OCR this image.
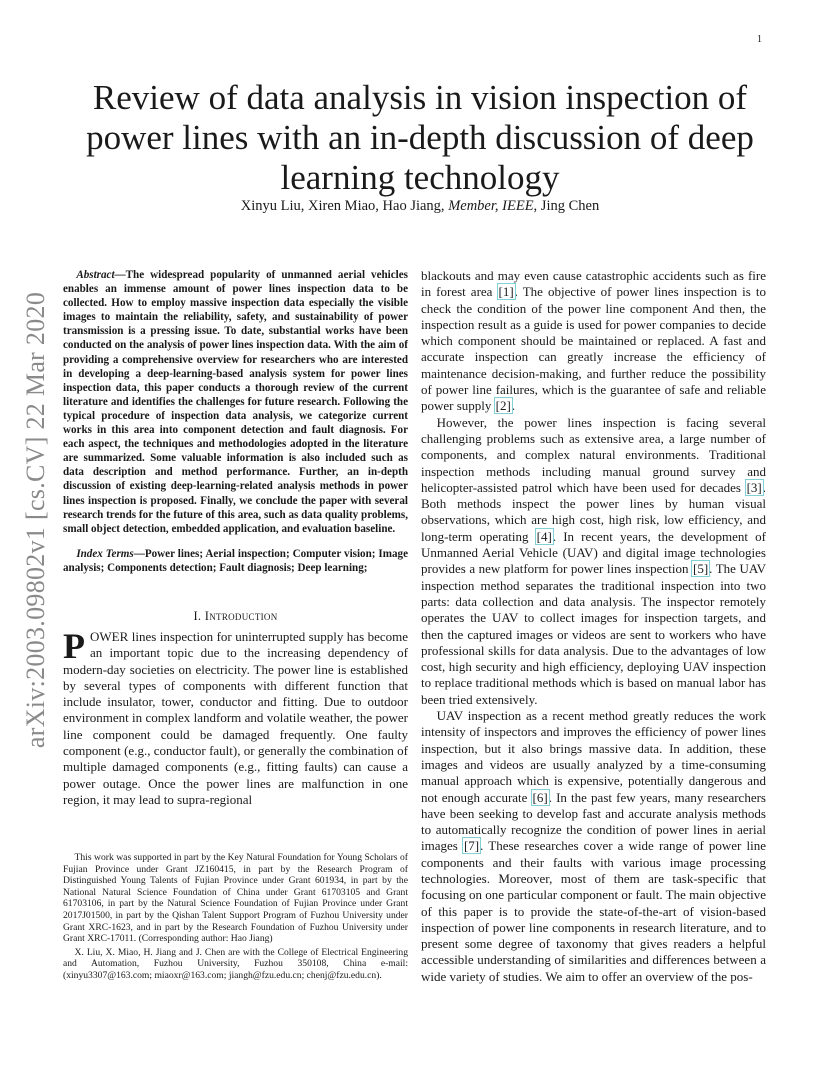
1
arXiv:2003.09802v1 [cs.CV] 22 Mar 2020
Review of data analysis in vision inspection of power lines with an in-depth discussion of deep learning technology
Xinyu Liu, Xiren Miao, Hao Jiang, Member, IEEE, Jing Chen

Abstract—The widespread popularity of unmanned aerial vehicles enables an immense amount of power lines inspection data to be collected. How to employ massive inspection data especially the visible images to maintain the reliability, safety, and sustainability of power transmission is a pressing issue. To date, substantial works have been conducted on the analysis of power lines inspection data. With the aim of providing a comprehensive overview for researchers who are interested in developing a deep-learning-based analysis system for power lines inspection data, this paper conducts a thorough review of the current literature and identifies the challenges for future research. Following the typical procedure of inspection data analysis, we categorize current works in this area into component detection and fault diagnosis. For each aspect, the techniques and methodologies adopted in the literature are summarized. Some valuable information is also included such as data description and method performance. Further, an in-depth discussion of existing deep-learning-related analysis methods in power lines inspection is proposed. Finally, we conclude the paper with several research trends for the future of this area, such as data quality problems, small object detection, embedded application, and evaluation baseline.

Index Terms—Power lines; Aerial inspection; Computer vision; Image analysis; Components detection; Fault diagnosis; Deep learning;

I. Introduction

POWER lines inspection for uninterrupted supply has become an important topic due to the increasing dependency of modern-day societies on electricity. The power line is established by several types of components with different function that include insulator, tower, conductor and fitting. Due to outdoor environment in complex landform and volatile weather, the power line component could be damaged frequently. One faulty component (e.g., conductor fault), or generally the combination of multiple damaged components (e.g., fitting faults) can cause a power outage. Once the power lines are malfunction in one region, it may lead to supra-regional

This work was supported in part by the Key Natural Foundation for Young Scholars of Fujian Province under Grant JZ160415, in part by the Research Program of Distinguished Young Talents of Fujian Province under Grant 601934, in part by the National Natural Science Foundation of China under Grant 61703105 and Grant 61703106, in part by the Natural Science Foundation of Fujian Province under Grant 2017J01500, in part by the Qishan Talent Support Program of Fuzhou University under Grant XRC-1623, and in part by the Research Foundation of Fuzhou University under Grant XRC-17011. (Corresponding author: Hao Jiang)

X. Liu, X. Miao, H. Jiang and J. Chen are with the College of Electrical Engineering and Automation, Fuzhou University, Fuzhou 350108, China e-mail: (xinyu3307@163.com; miaoxr@163.com; jiangh@fzu.edu.cn; chenj@fzu.edu.cn).

blackouts and may even cause catastrophic accidents such as fire in forest area [1]. The objective of power lines inspection is to check the condition of the power line component And then, the inspection result as a guide is used for power companies to decide which component should be maintained or replaced. A fast and accurate inspection can greatly increase the efficiency of maintenance decision-making, and further reduce the possibility of power line failures, which is the guarantee of safe and reliable power supply [2].

However, the power lines inspection is facing several challenging problems such as extensive area, a large number of components, and complex natural environments. Traditional inspection methods including manual ground survey and helicopter-assisted patrol which have been used for decades [3]. Both methods inspect the power lines by human visual observations, which are high cost, high risk, low efficiency, and long-term operating [4]. In recent years, the development of Unmanned Aerial Vehicle (UAV) and digital image technologies provides a new platform for power lines inspection [5]. The UAV inspection method separates the traditional inspection into two parts: data collection and data analysis. The inspector remotely operates the UAV to collect images for inspection targets, and then the captured images or videos are sent to workers who have professional skills for data analysis. Due to the advantages of low cost, high security and high efficiency, deploying UAV inspection to replace traditional methods which is based on manual labor has been tried extensively.

UAV inspection as a recent method greatly reduces the work intensity of inspectors and improves the efficiency of power lines inspection, but it also brings massive data. In addition, these images and videos are usually analyzed by a time-consuming manual approach which is expensive, potentially dangerous and not enough accurate [6]. In the past few years, many researchers have been seeking to develop fast and accurate analysis methods to automatically recognize the condition of power lines in aerial images [7]. These researches cover a wide range of power line components and their faults with various image processing technologies. Moreover, most of them are task-specific that focusing on one particular component or fault. The main objective of this paper is to provide the state-of-the-art of vision-based inspection of power line components in research literature, and to present some degree of taxonomy that gives readers a helpful accessible understanding of similarities and differences between a wide variety of studies. We aim to offer an overview of the pos-
